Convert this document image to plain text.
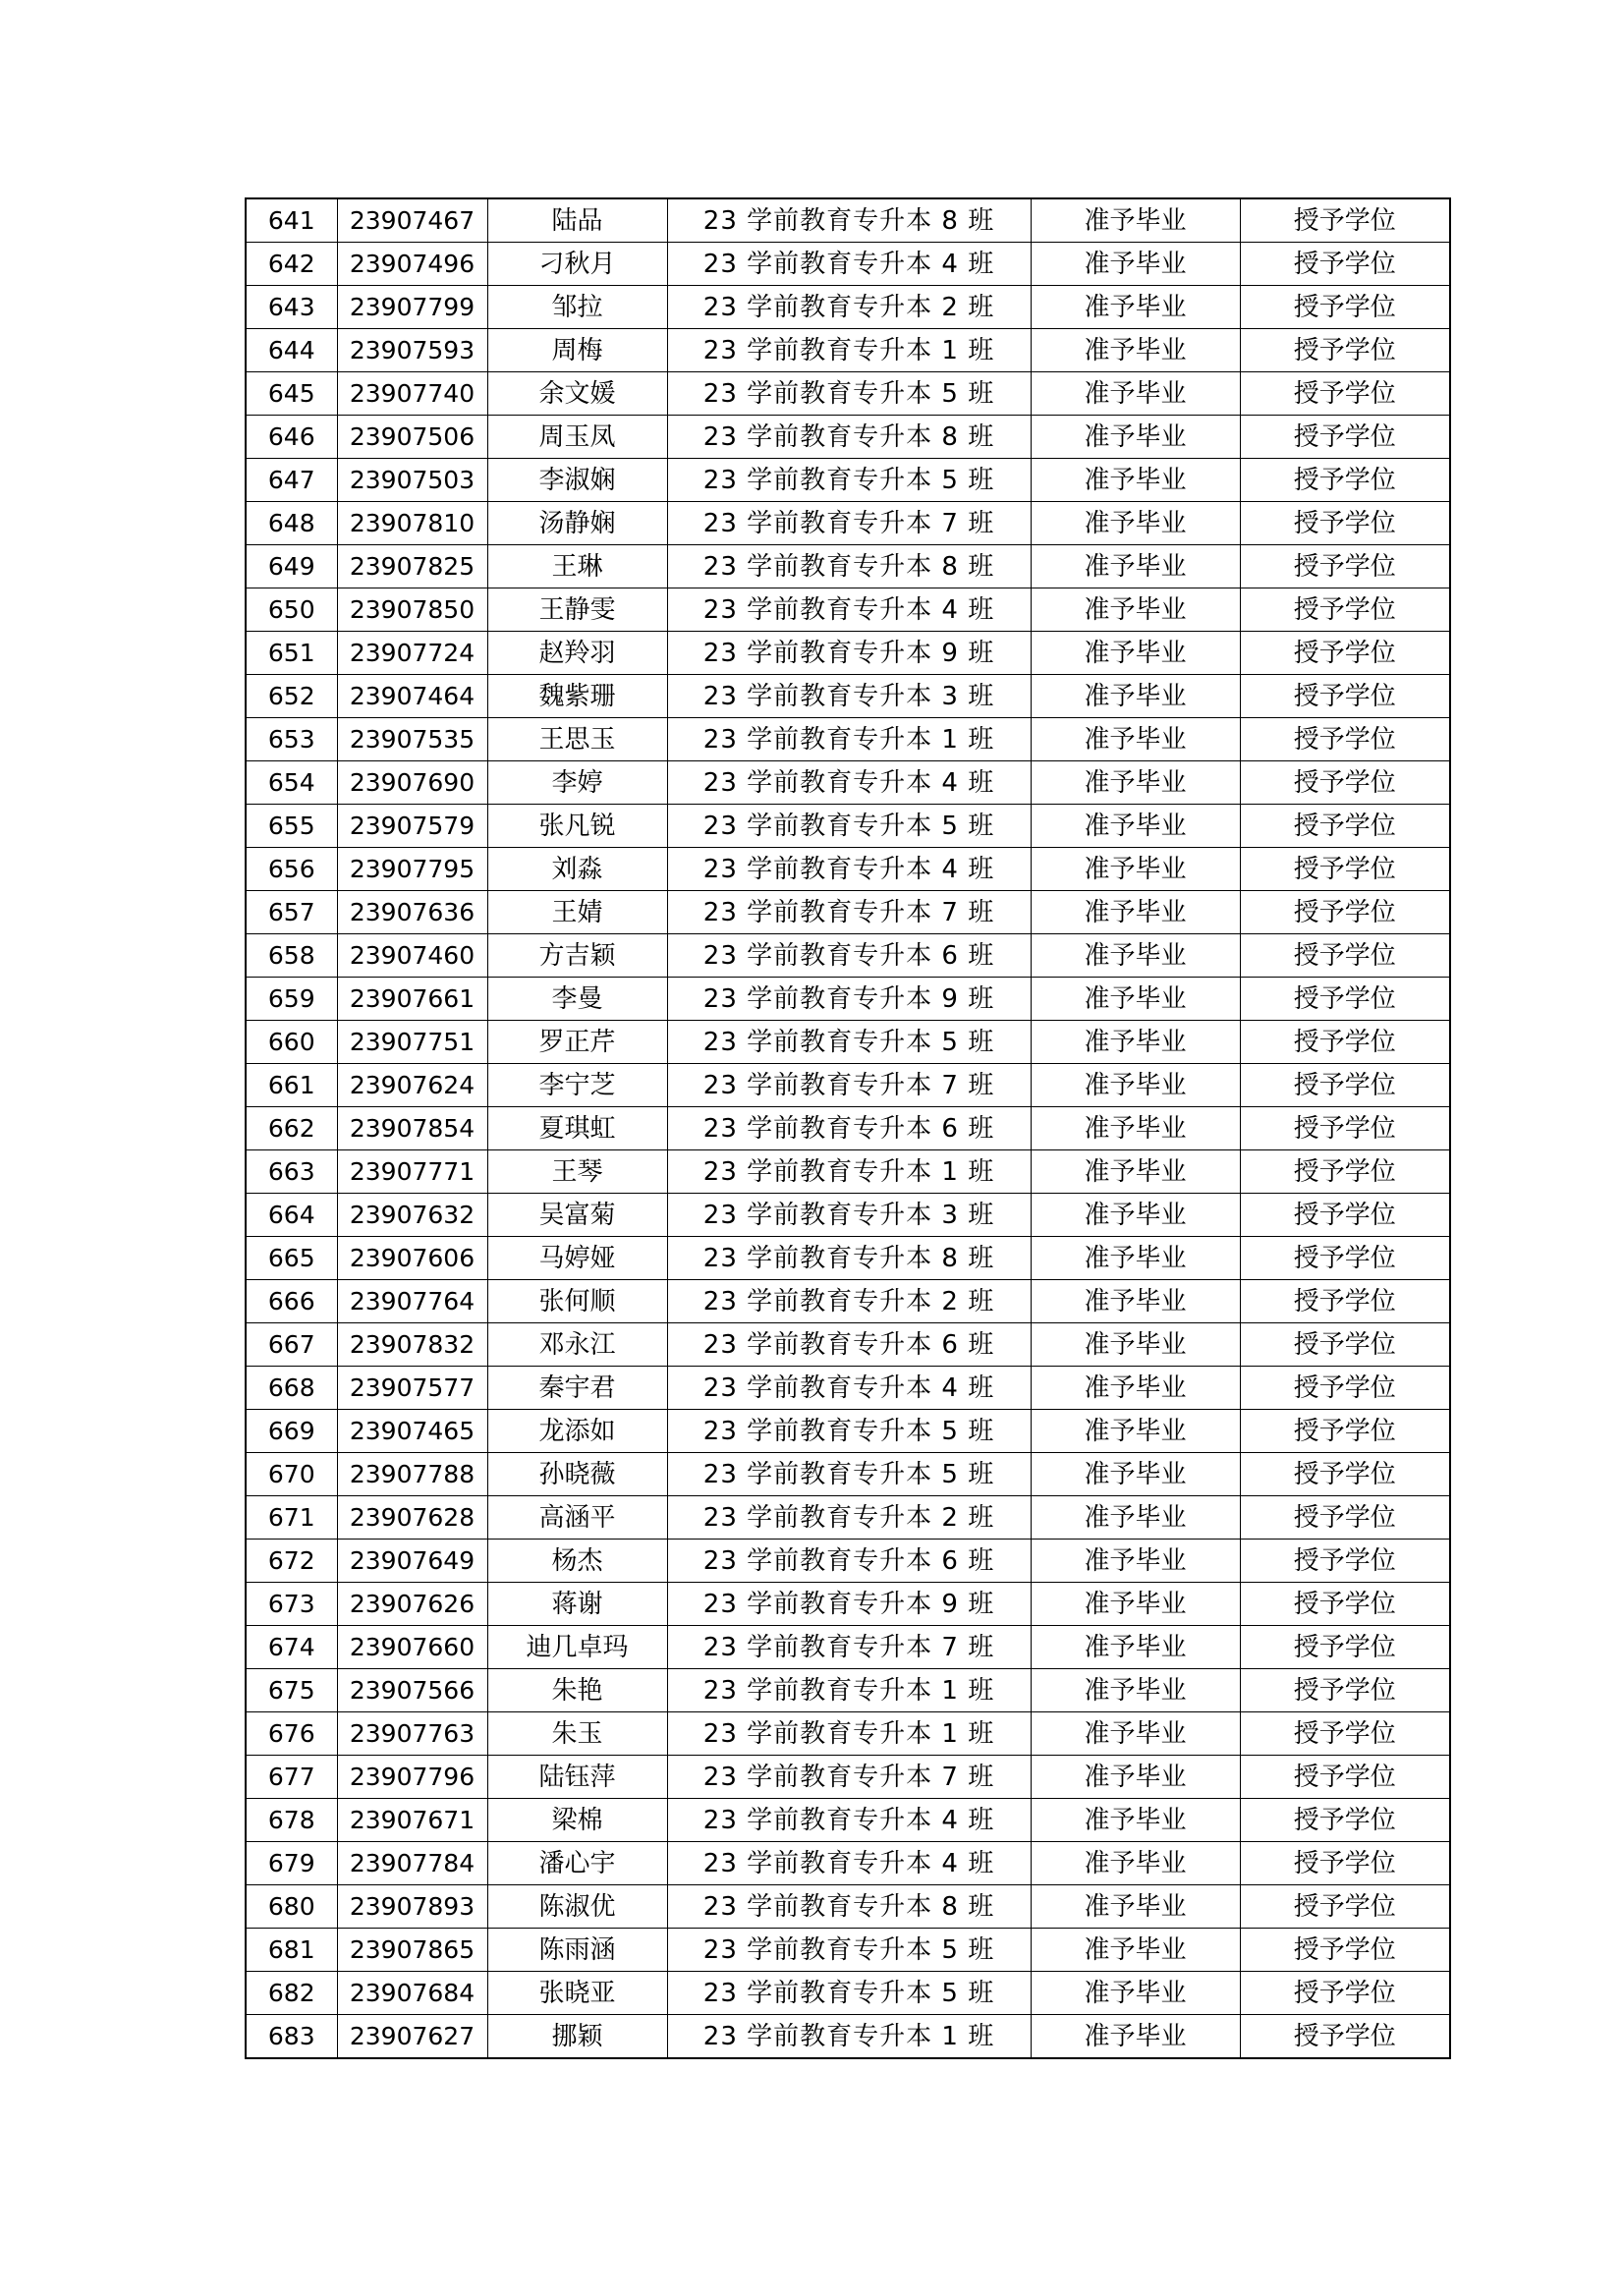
641	23907467	陆品	23 学前教育专升本 8 班	准予毕业	授予学位
642	23907496	刁秋月	23 学前教育专升本 4 班	准予毕业	授予学位
643	23907799	邹拉	23 学前教育专升本 2 班	准予毕业	授予学位
644	23907593	周梅	23 学前教育专升本 1 班	准予毕业	授予学位
645	23907740	余文媛	23 学前教育专升本 5 班	准予毕业	授予学位
646	23907506	周玉凤	23 学前教育专升本 8 班	准予毕业	授予学位
647	23907503	李淑娴	23 学前教育专升本 5 班	准予毕业	授予学位
648	23907810	汤静娴	23 学前教育专升本 7 班	准予毕业	授予学位
649	23907825	王琳	23 学前教育专升本 8 班	准予毕业	授予学位
650	23907850	王静雯	23 学前教育专升本 4 班	准予毕业	授予学位
651	23907724	赵羚羽	23 学前教育专升本 9 班	准予毕业	授予学位
652	23907464	魏紫珊	23 学前教育专升本 3 班	准予毕业	授予学位
653	23907535	王思玉	23 学前教育专升本 1 班	准予毕业	授予学位
654	23907690	李婷	23 学前教育专升本 4 班	准予毕业	授予学位
655	23907579	张凡锐	23 学前教育专升本 5 班	准予毕业	授予学位
656	23907795	刘淼	23 学前教育专升本 4 班	准予毕业	授予学位
657	23907636	王婧	23 学前教育专升本 7 班	准予毕业	授予学位
658	23907460	方吉颖	23 学前教育专升本 6 班	准予毕业	授予学位
659	23907661	李曼	23 学前教育专升本 9 班	准予毕业	授予学位
660	23907751	罗正芹	23 学前教育专升本 5 班	准予毕业	授予学位
661	23907624	李宁芝	23 学前教育专升本 7 班	准予毕业	授予学位
662	23907854	夏琪虹	23 学前教育专升本 6 班	准予毕业	授予学位
663	23907771	王琴	23 学前教育专升本 1 班	准予毕业	授予学位
664	23907632	吴富菊	23 学前教育专升本 3 班	准予毕业	授予学位
665	23907606	马婷娅	23 学前教育专升本 8 班	准予毕业	授予学位
666	23907764	张何顺	23 学前教育专升本 2 班	准予毕业	授予学位
667	23907832	邓永江	23 学前教育专升本 6 班	准予毕业	授予学位
668	23907577	秦宇君	23 学前教育专升本 4 班	准予毕业	授予学位
669	23907465	龙添如	23 学前教育专升本 5 班	准予毕业	授予学位
670	23907788	孙晓薇	23 学前教育专升本 5 班	准予毕业	授予学位
671	23907628	高涵平	23 学前教育专升本 2 班	准予毕业	授予学位
672	23907649	杨杰	23 学前教育专升本 6 班	准予毕业	授予学位
673	23907626	蒋谢	23 学前教育专升本 9 班	准予毕业	授予学位
674	23907660	迪几卓玛	23 学前教育专升本 7 班	准予毕业	授予学位
675	23907566	朱艳	23 学前教育专升本 1 班	准予毕业	授予学位
676	23907763	朱玉	23 学前教育专升本 1 班	准予毕业	授予学位
677	23907796	陆钰萍	23 学前教育专升本 7 班	准予毕业	授予学位
678	23907671	梁棉	23 学前教育专升本 4 班	准予毕业	授予学位
679	23907784	潘心宇	23 学前教育专升本 4 班	准予毕业	授予学位
680	23907893	陈淑优	23 学前教育专升本 8 班	准予毕业	授予学位
681	23907865	陈雨涵	23 学前教育专升本 5 班	准予毕业	授予学位
682	23907684	张晓亚	23 学前教育专升本 5 班	准予毕业	授予学位
683	23907627	挪颖	23 学前教育专升本 1 班	准予毕业	授予学位
